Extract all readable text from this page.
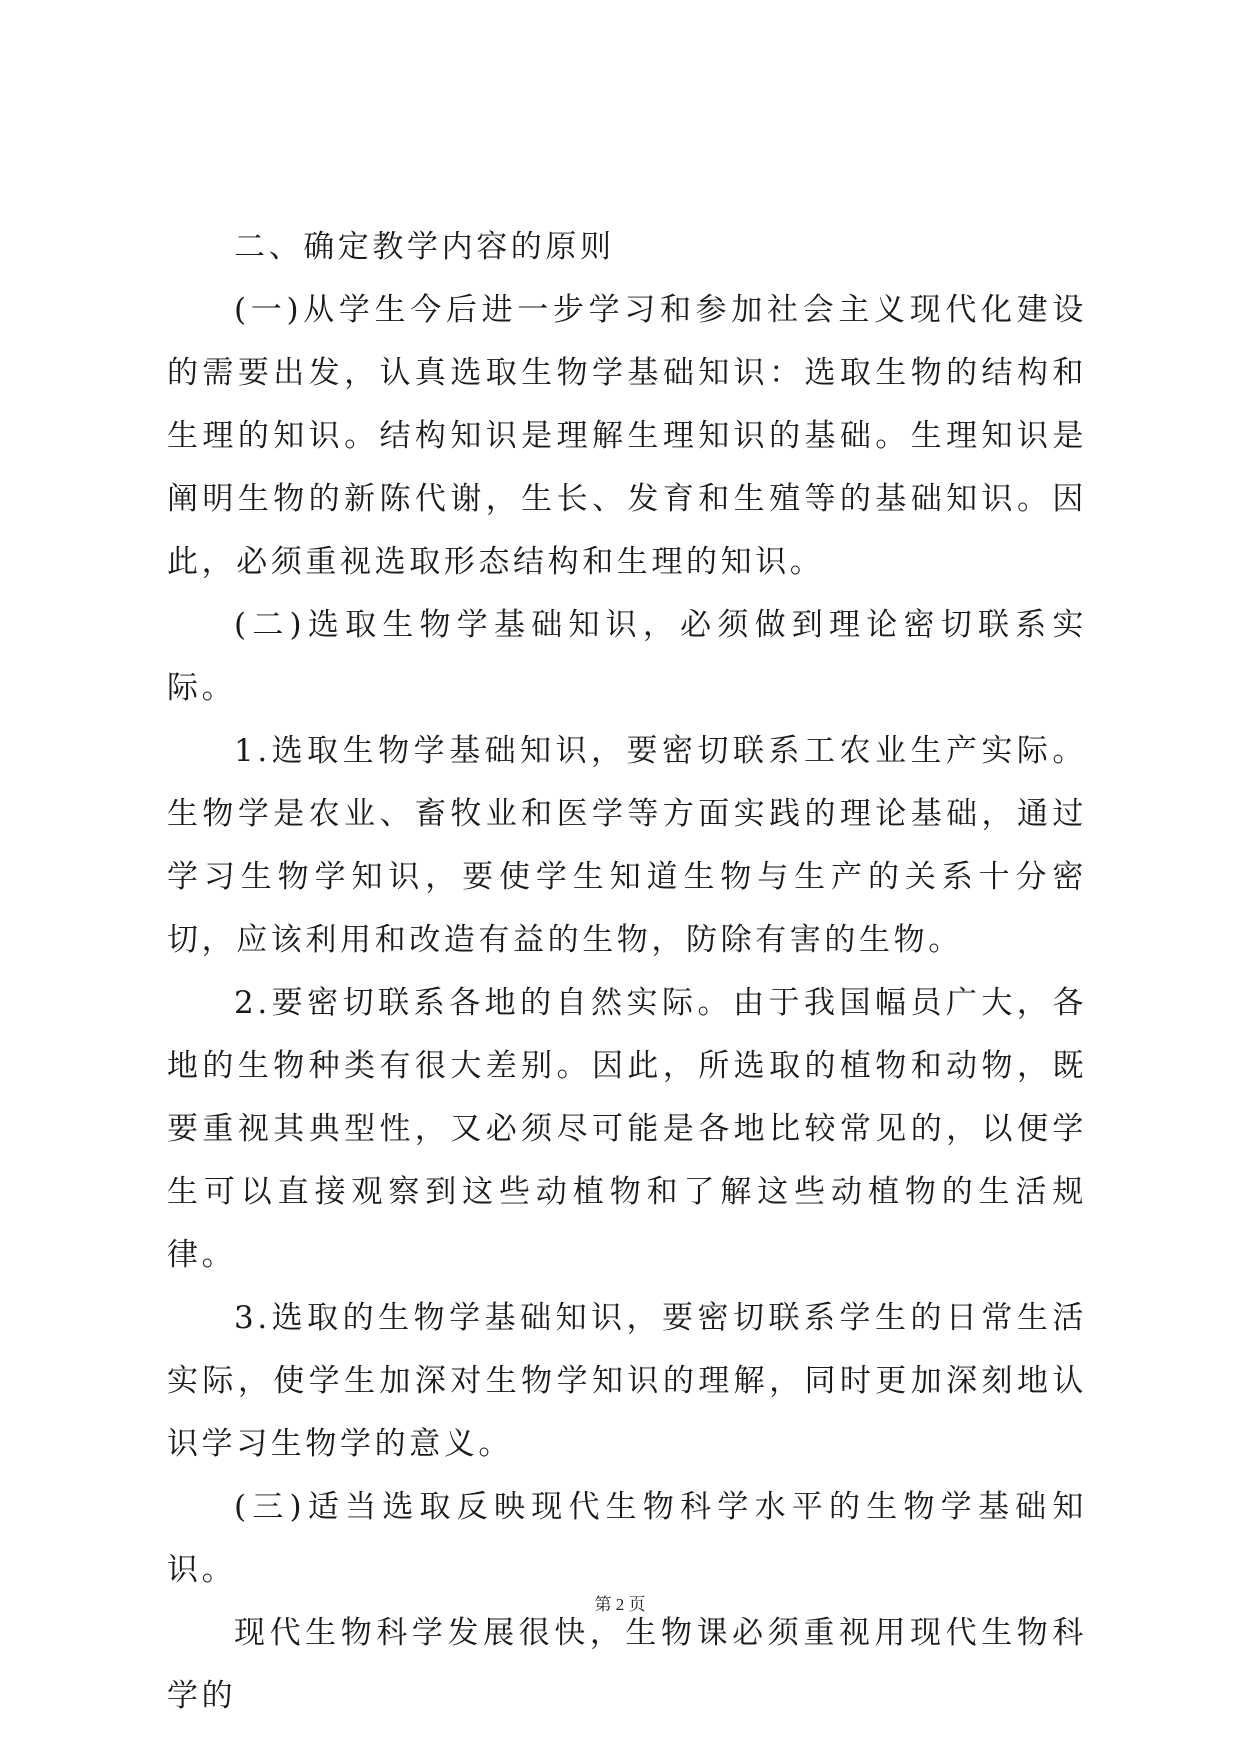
二、确定教学内容的原则

(一)从学生今后进一步学习和参加社会主义现代化建设的需要出发，认真选取生物学基础知识：选取生物的结构和生理的知识。结构知识是理解生理知识的基础。生理知识是阐明生物的新陈代谢，生长、发育和生殖等的基础知识。因此，必须重视选取形态结构和生理的知识。

(二)选取生物学基础知识，必须做到理论密切联系实际。

1.选取生物学基础知识，要密切联系工农业生产实际。生物学是农业、畜牧业和医学等方面实践的理论基础，通过学习生物学知识，要使学生知道生物与生产的关系十分密切，应该利用和改造有益的生物，防除有害的生物。

2.要密切联系各地的自然实际。由于我国幅员广大，各地的生物种类有很大差别。因此，所选取的植物和动物，既要重视其典型性，又必须尽可能是各地比较常见的，以便学生可以直接观察到这些动植物和了解这些动植物的生活规律。

3.选取的生物学基础知识，要密切联系学生的日常生活实际，使学生加深对生物学知识的理解，同时更加深刻地认识学习生物学的意义。

(三)适当选取反映现代生物科学水平的生物学基础知识。

现代生物科学发展很快，生物课必须重视用现代生物科学的

第 2 页
